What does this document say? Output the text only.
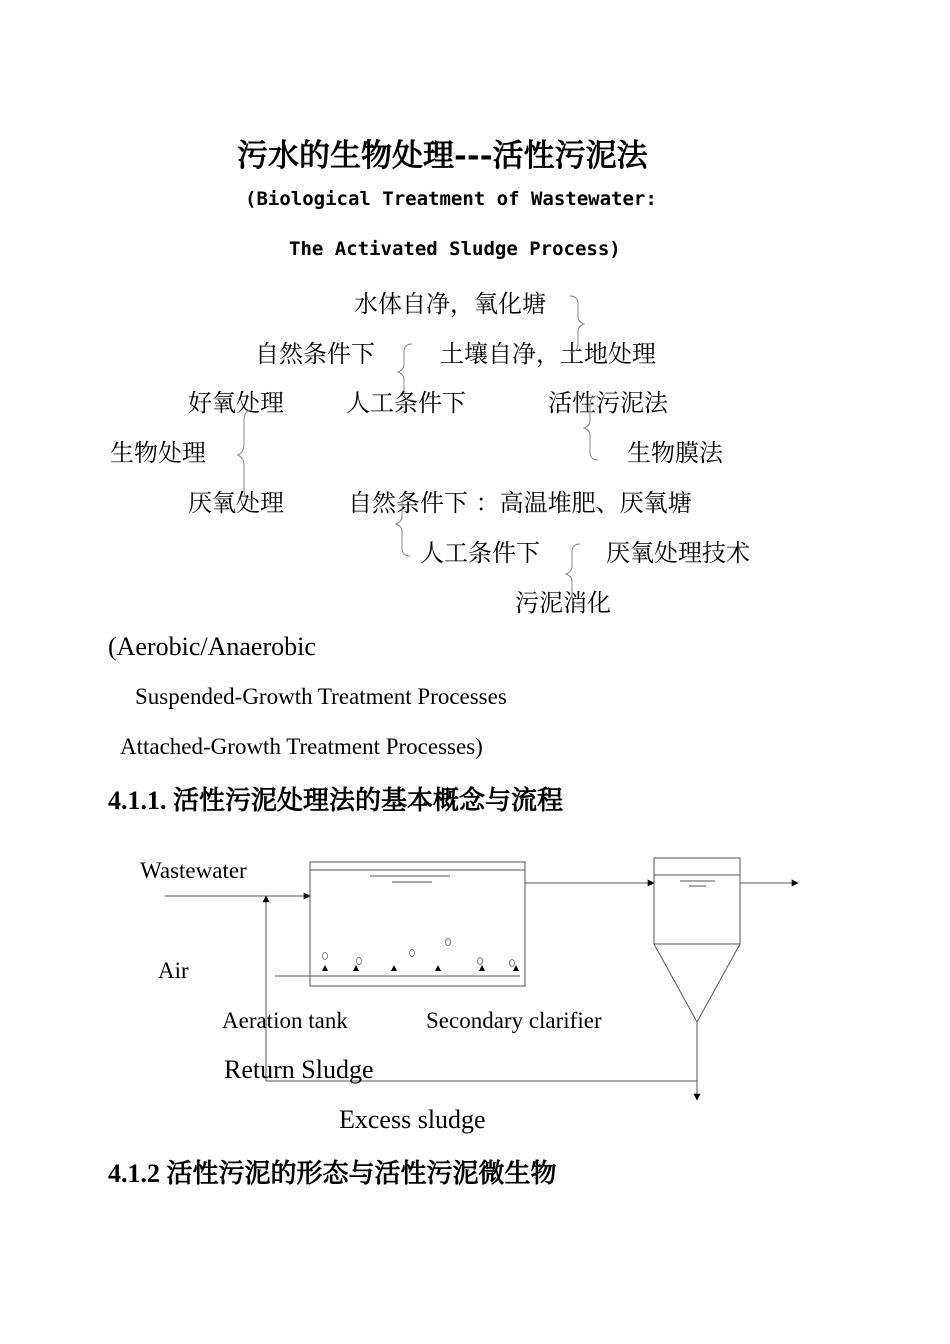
污水的生物处理---活性污泥法
(Biological Treatment of Wastewater:
The Activated Sludge Process)
水体自净，氧化塘
自然条件下	土壤自净，土地处理
好氧处理	人工条件下	活性污泥法
生物处理	生物膜法
厌氧处理	自然条件下 ：高温堆肥、厌氧塘
人工条件下	厌氧处理技术
污泥消化
(Aerobic/Anaerobic
Suspended-Growth Treatment Processes
Attached-Growth Treatment Processes)
4.1.1. 活性污泥处理法的基本概念与流程
Wastewater
Air
Aeration tank	Secondary clarifier
Return Sludge
Excess sludge
4.1.2 活性污泥的形态与活性污泥微生物
